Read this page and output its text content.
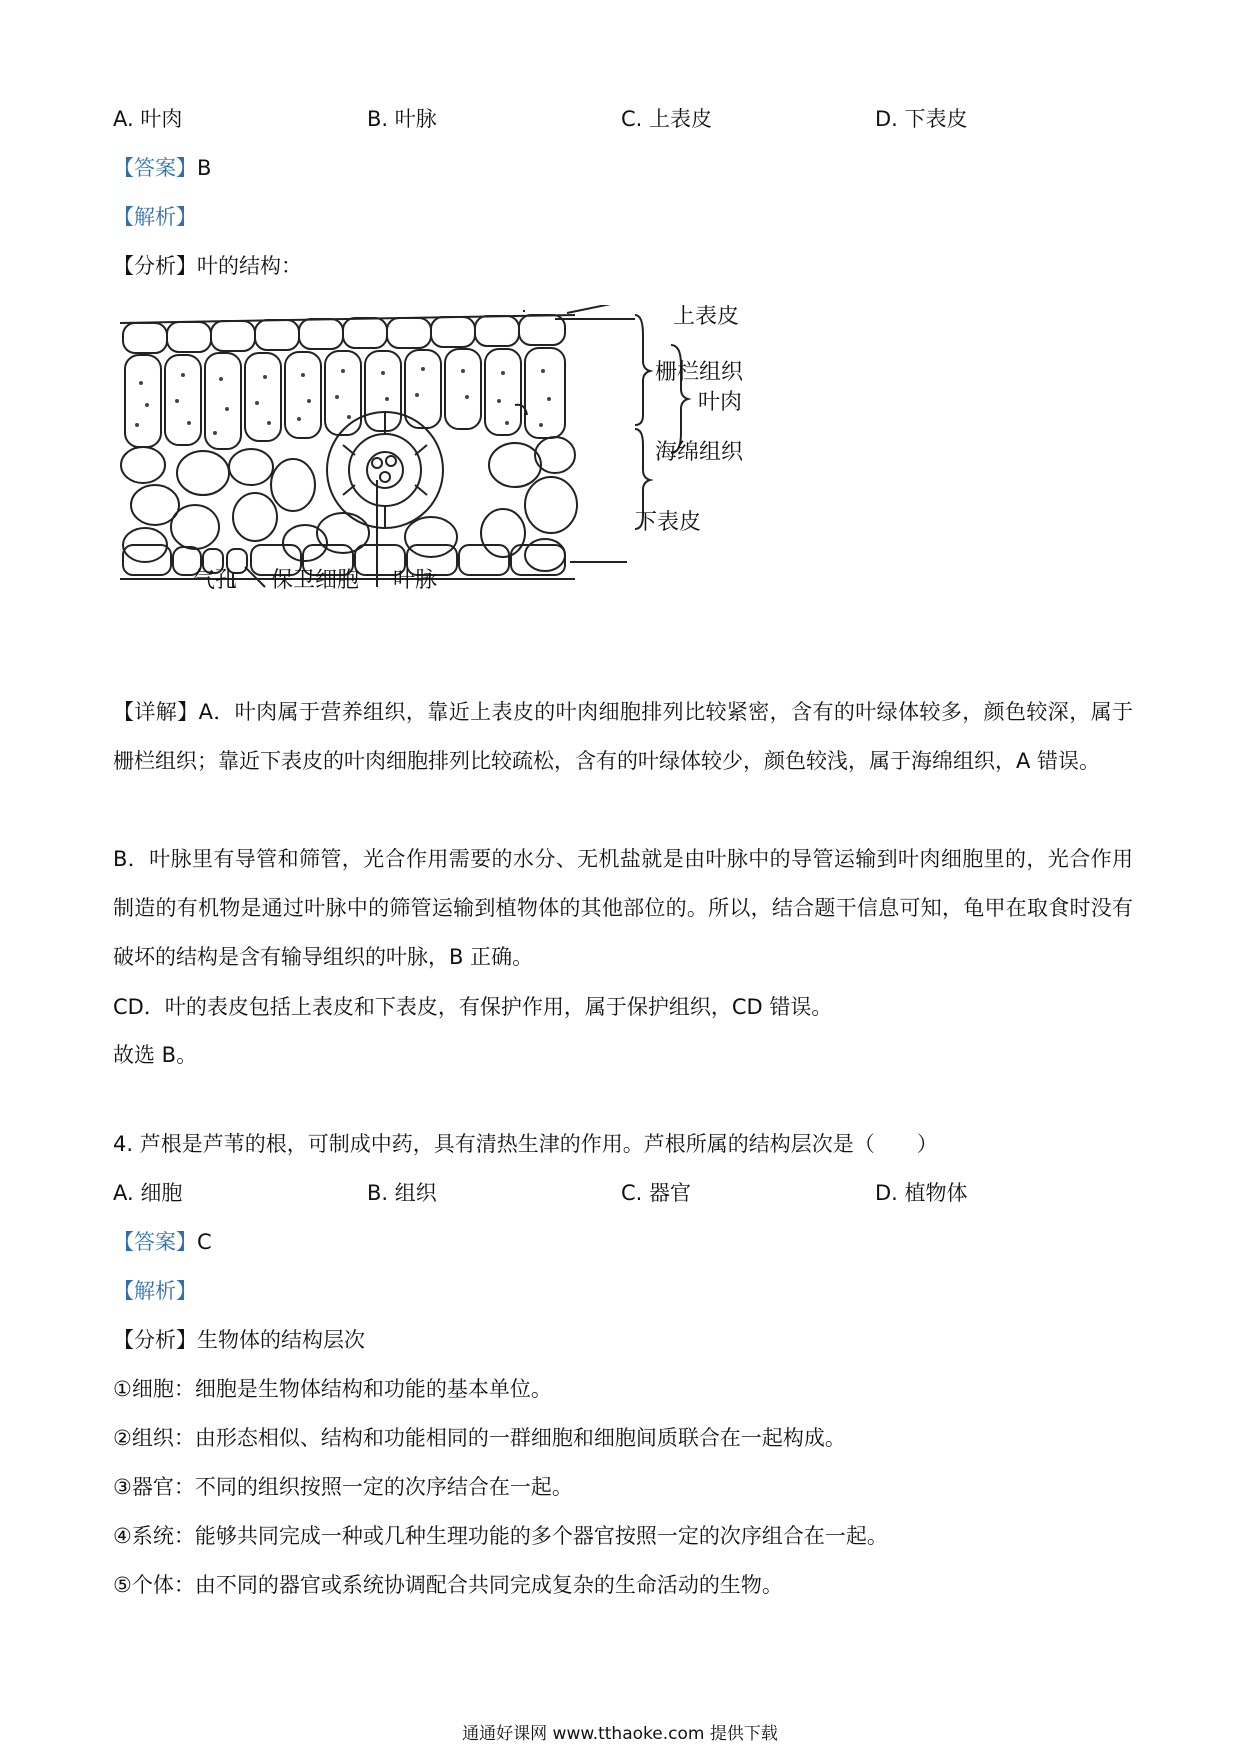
A. 叶肉	B. 叶脉	C. 上表皮	D. 下表皮
【答案】B
【解析】
【分析】叶的结构：
上表皮
栅栏组织
叶肉
海绵组织
下表皮
气孔 保卫细胞 叶脉
【详解】A．叶肉属于营养组织，靠近上表皮的叶肉细胞排列比较紧密，含有的叶绿体较多，颜色较深，属于栅栏组织；靠近下表皮的叶肉细胞排列比较疏松，含有的叶绿体较少，颜色较浅，属于海绵组织，A 错误。
B．叶脉里有导管和筛管，光合作用需要的水分、无机盐就是由叶脉中的导管运输到叶肉细胞里的，光合作用制造的有机物是通过叶脉中的筛管运输到植物体的其他部位的。所以，结合题干信息可知，龟甲在取食时没有破坏的结构是含有输导组织的叶脉，B 正确。
CD．叶的表皮包括上表皮和下表皮，有保护作用，属于保护组织，CD 错误。
故选 B。
4. 芦根是芦苇的根，可制成中药，具有清热生津的作用。芦根所属的结构层次是（　　）
A. 细胞	B. 组织	C. 器官	D. 植物体
【答案】C
【解析】
【分析】生物体的结构层次
①细胞：细胞是生物体结构和功能的基本单位。
②组织：由形态相似、结构和功能相同的一群细胞和细胞间质联合在一起构成。
③器官：不同的组织按照一定的次序结合在一起。
④系统：能够共同完成一种或几种生理功能的多个器官按照一定的次序组合在一起。
⑤个体：由不同的器官或系统协调配合共同完成复杂的生命活动的生物。
通通好课网 www.tthaoke.com 提供下载
